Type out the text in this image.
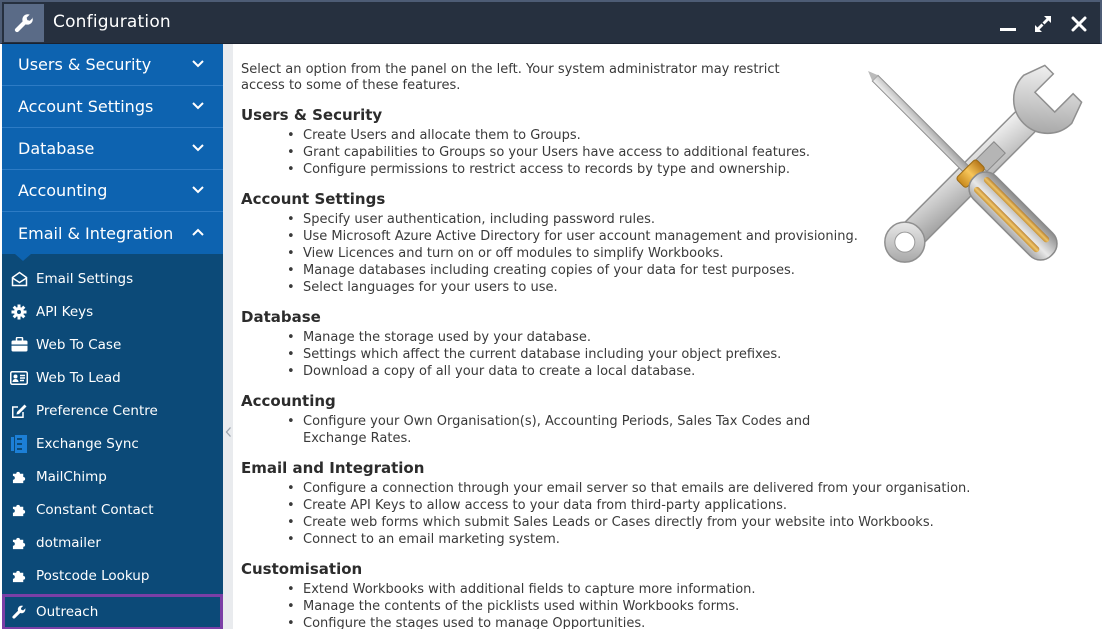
Configuration
Users & Security
Account Settings
Database
Accounting
Email & Integration
Email Settings
API Keys
Web To Case
Web To Lead
Preference Centre
Exchange Sync
MailChimp
Constant Contact
dotmailer
Postcode Lookup
Outreach

Select an option from the panel on the left. Your system administrator may restrict access to some of these features.

Users & Security
• Create Users and allocate them to Groups.
• Grant capabilities to Groups so your Users have access to additional features.
• Configure permissions to restrict access to records by type and ownership.
Account Settings
• Specify user authentication, including password rules.
• Use Microsoft Azure Active Directory for user account management and provisioning.
• View Licences and turn on or off modules to simplify Workbooks.
• Manage databases including creating copies of your data for test purposes.
• Select languages for your users to use.
Database
• Manage the storage used by your database.
• Settings which affect the current database including your object prefixes.
• Download a copy of all your data to create a local database.
Accounting
• Configure your Own Organisation(s), Accounting Periods, Sales Tax Codes and Exchange Rates.
Email and Integration
• Configure a connection through your email server so that emails are delivered from your organisation.
• Create API Keys to allow access to your data from third-party applications.
• Create web forms which submit Sales Leads or Cases directly from your website into Workbooks.
• Connect to an email marketing system.
Customisation
• Extend Workbooks with additional fields to capture more information.
• Manage the contents of the picklists used within Workbooks forms.
• Configure the stages used to manage Opportunities.
